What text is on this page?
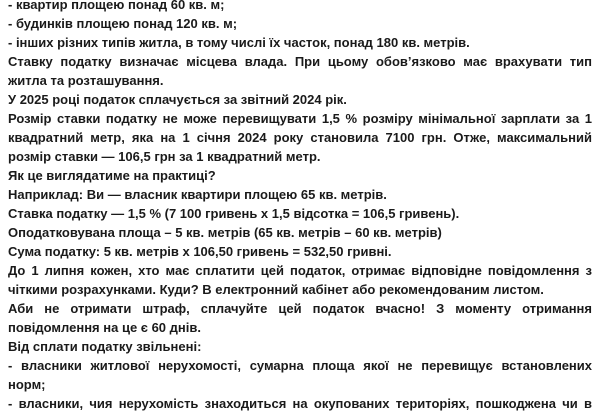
- квартир площею понад 60 кв. м;
- будинків площею понад 120 кв. м;
- інших різних типів житла, в тому числі їх часток, понад 180 кв. метрів.
Ставку податку визначає місцева влада. При цьому обов’язково має врахувати тип
житла та розташування.
У 2025 році податок сплачується за звітний 2024 рік.
Розмір ставки податку не може перевищувати 1,5 % розміру мінімальної зарплати за 1
квадратний метр, яка на 1 січня 2024 року становила 7100 грн. Отже, максимальний
розмір ставки — 106,5 грн за 1 квадратний метр.
Як це виглядатиме на практиці?
Наприклад: Ви — власник квартири площею 65 кв. метрів.
Ставка податку — 1,5 % (7 100 гривень х 1,5 відсотка = 106,5 гривень).
Оподатковувана площа – 5 кв. метрів (65 кв. метрів – 60 кв. метрів)
Сума податку: 5 кв. метрів х 106,50 гривень = 532,50 гривні.
До 1 липня кожен, хто має сплатити цей податок, отримає відповідне повідомлення з
чіткими розрахунками. Куди? В електронний кабінет або рекомендованим листом.
Аби не отримати штраф, сплачуйте цей податок вчасно! З моменту отримання
повідомлення на це є 60 днів.
Від сплати податку звільнені:
- власники житлової нерухомості, сумарна площа якої не перевищує встановлених
норм;
- власники, чия нерухомість знаходиться на окупованих територіях, пошкоджена чи в
